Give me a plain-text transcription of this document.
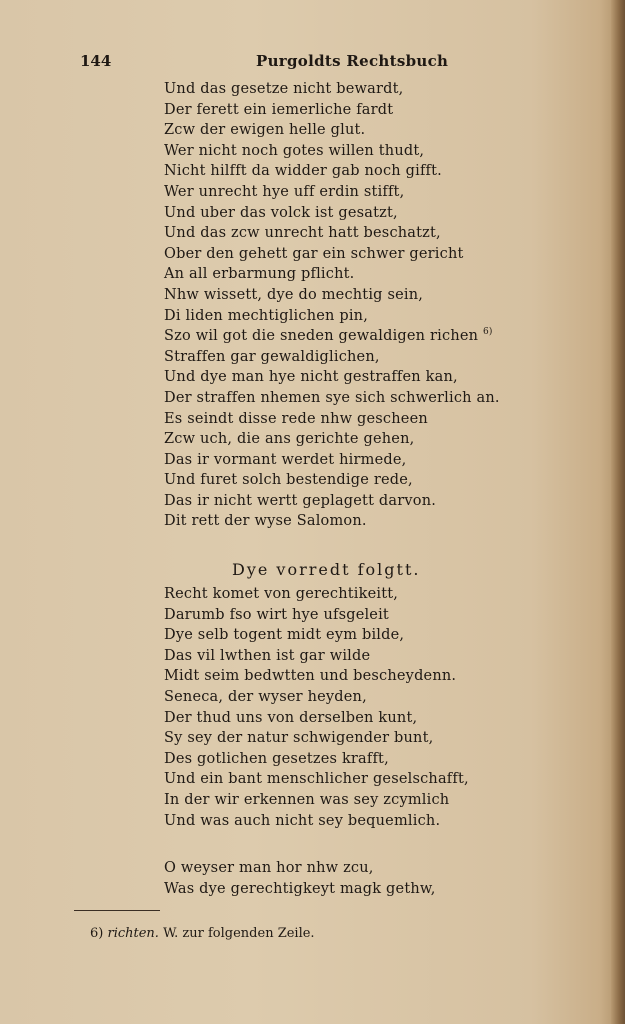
144	Purgoldts Rechtsbuch
Und das gesetze nicht bewardt,
Der ferett ein iemerliche fardt
Zcw der ewigen helle glut.
Wer nicht noch gotes willen thudt,
Nicht hilfft da widder gab noch gifft.
Wer unrecht hye uff erdin stifft,
Und uber das volck ist gesatzt,
Und das zcw unrecht hatt beschatzt,
Ober den gehett gar ein schwer gericht
An all erbarmung pflicht.
Nhw wissett, dye do mechtig sein,
Di liden mechtiglichen pin,
Szo wil got die sneden gewaldigen richen $^{6)}$
Straffen gar gewaldiglichen,
Und dye man hye nicht gestraffen kan,
Der straffen nhemen sye sich schwerlich an.
Es seindt disse rede nhw gescheen
Zcw uch, die ans gerichte gehen,
Das ir vormant werdet hirmede,
Und furet solch bestendige rede,
Das ir nicht wertt geplagett darvon.
Dit rett der wyse Salomon.
Dye vorredt folgtt.
Recht komet von gerechtikeitt,
Darumb fso wirt hye ufsgeleit
Dye selb togent midt eym bilde,
Das vil lwthen ist gar wilde
Midt seim bedwtten und bescheydenn.
Seneca, der wyser heyden,
Der thud uns von derselben kunt,
Sy sey der natur schwigender bunt,
Des gotlichen gesetzes krafft,
Und ein bant menschlicher geselschafft,
In der wir erkennen was sey zcymlich
Und was auch nicht sey bequemlich.
O weyser man hor nhw zcu,
Was dye gerechtigkeyt magk gethw,
6) richten. W. zur folgenden Zeile.
